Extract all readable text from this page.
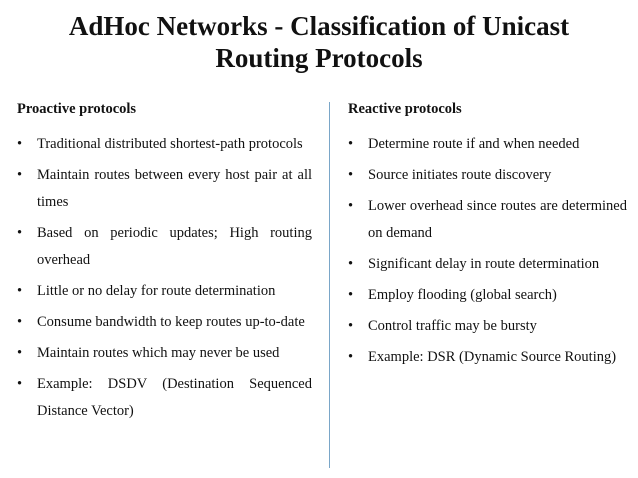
AdHoc Networks - Classification of Unicast
Routing Protocols
Proactive protocols
• Traditional distributed shortest-path protocols
• Maintain routes between every host pair at all times
• Based on periodic updates; High routing overhead
• Little or no delay for route determination
• Consume bandwidth to keep routes up-to-date
• Maintain routes which may never be used
• Example: DSDV (Destination Sequenced Distance Vector)
Reactive protocols
• Determine route if and when needed
• Source initiates route discovery
• Lower overhead since routes are determined on demand
• Significant delay in route determination
• Employ flooding (global search)
• Control traffic may be bursty
• Example: DSR (Dynamic Source Routing)
